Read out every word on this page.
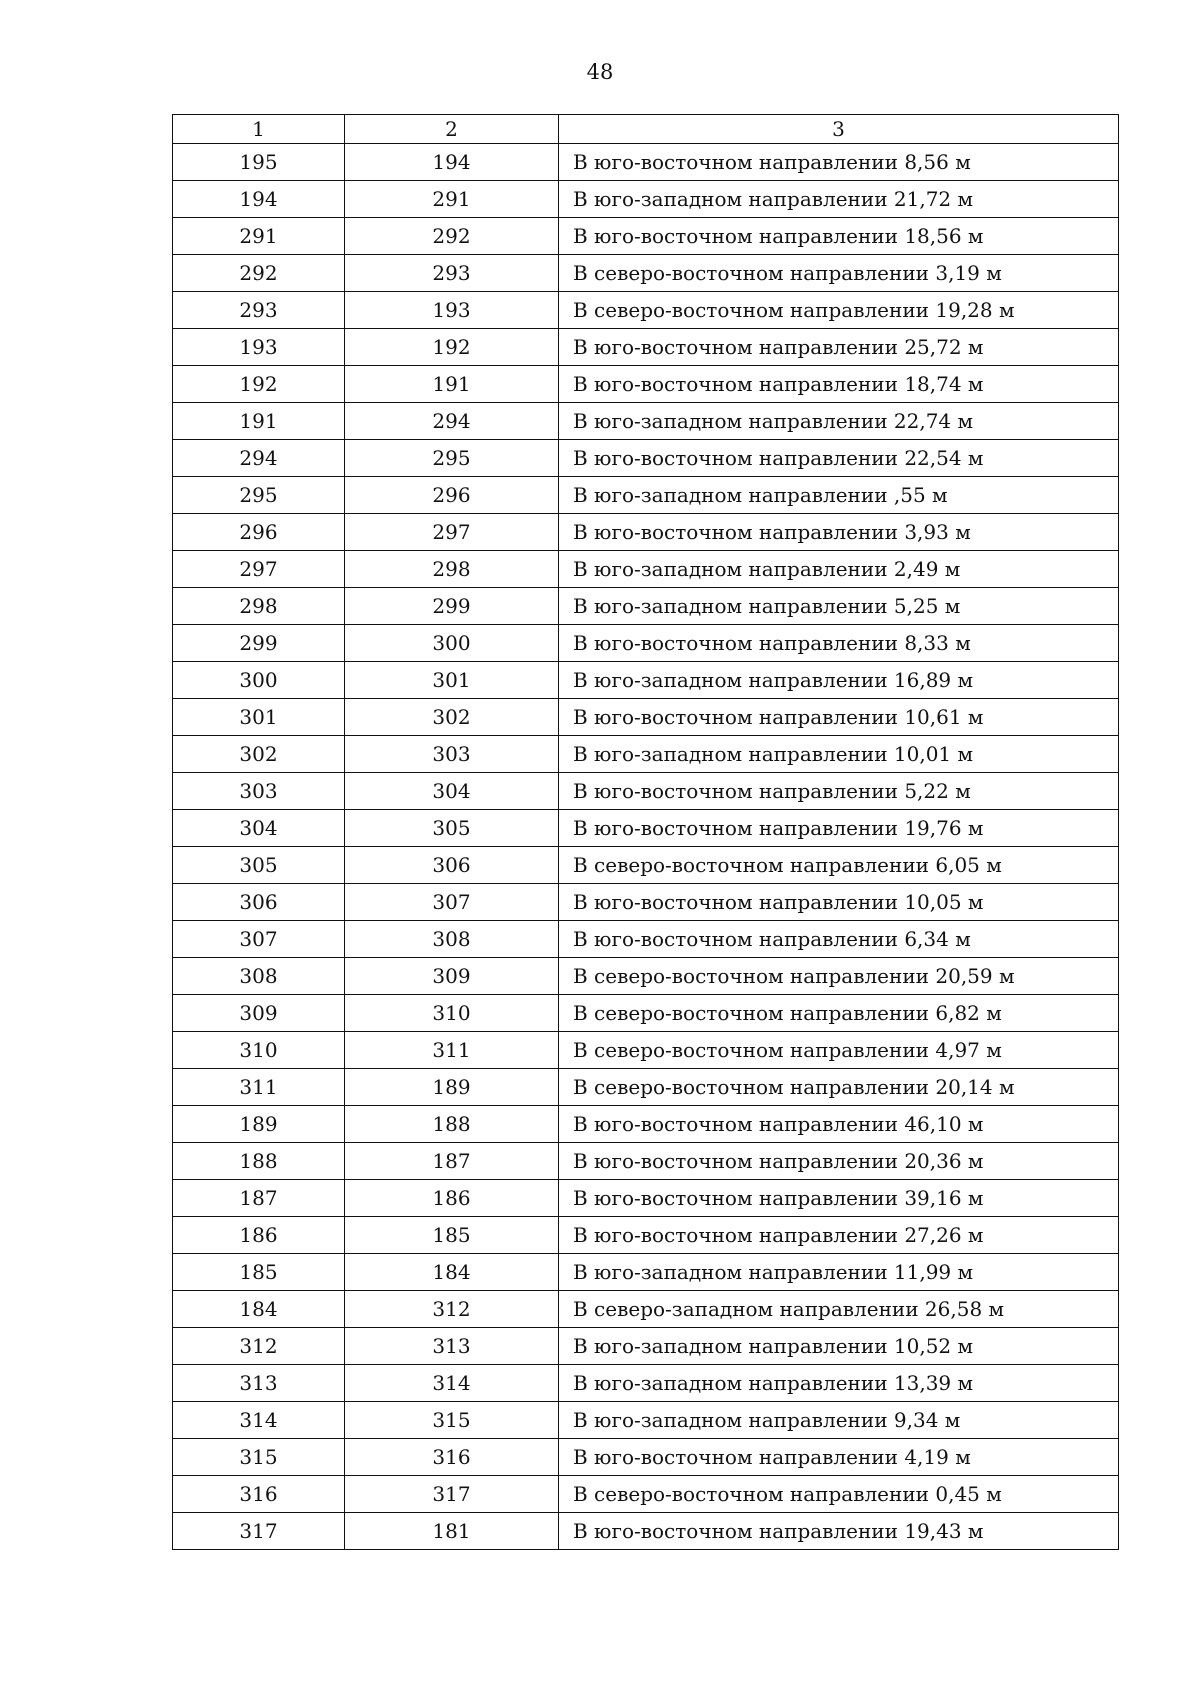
48
1	2	3
195	194	В юго-восточном направлении 8,56 м
194	291	В юго-западном направлении 21,72 м
291	292	В юго-восточном направлении 18,56 м
292	293	В северо-восточном направлении 3,19 м
293	193	В северо-восточном направлении 19,28 м
193	192	В юго-восточном направлении 25,72 м
192	191	В юго-восточном направлении 18,74 м
191	294	В юго-западном направлении 22,74 м
294	295	В юго-восточном направлении 22,54 м
295	296	В юго-западном направлении ,55 м
296	297	В юго-восточном направлении 3,93 м
297	298	В юго-западном направлении 2,49 м
298	299	В юго-западном направлении 5,25 м
299	300	В юго-восточном направлении 8,33 м
300	301	В юго-западном направлении 16,89 м
301	302	В юго-восточном направлении 10,61 м
302	303	В юго-западном направлении 10,01 м
303	304	В юго-восточном направлении 5,22 м
304	305	В юго-восточном направлении 19,76 м
305	306	В северо-восточном направлении 6,05 м
306	307	В юго-восточном направлении 10,05 м
307	308	В юго-восточном направлении 6,34 м
308	309	В северо-восточном направлении 20,59 м
309	310	В северо-восточном направлении 6,82 м
310	311	В северо-восточном направлении 4,97 м
311	189	В северо-восточном направлении 20,14 м
189	188	В юго-восточном направлении 46,10 м
188	187	В юго-восточном направлении 20,36 м
187	186	В юго-восточном направлении 39,16 м
186	185	В юго-восточном направлении 27,26 м
185	184	В юго-западном направлении 11,99 м
184	312	В северо-западном направлении 26,58 м
312	313	В юго-западном направлении 10,52 м
313	314	В юго-западном направлении 13,39 м
314	315	В юго-западном направлении 9,34 м
315	316	В юго-восточном направлении 4,19 м
316	317	В северо-восточном направлении 0,45 м
317	181	В юго-восточном направлении 19,43 м
